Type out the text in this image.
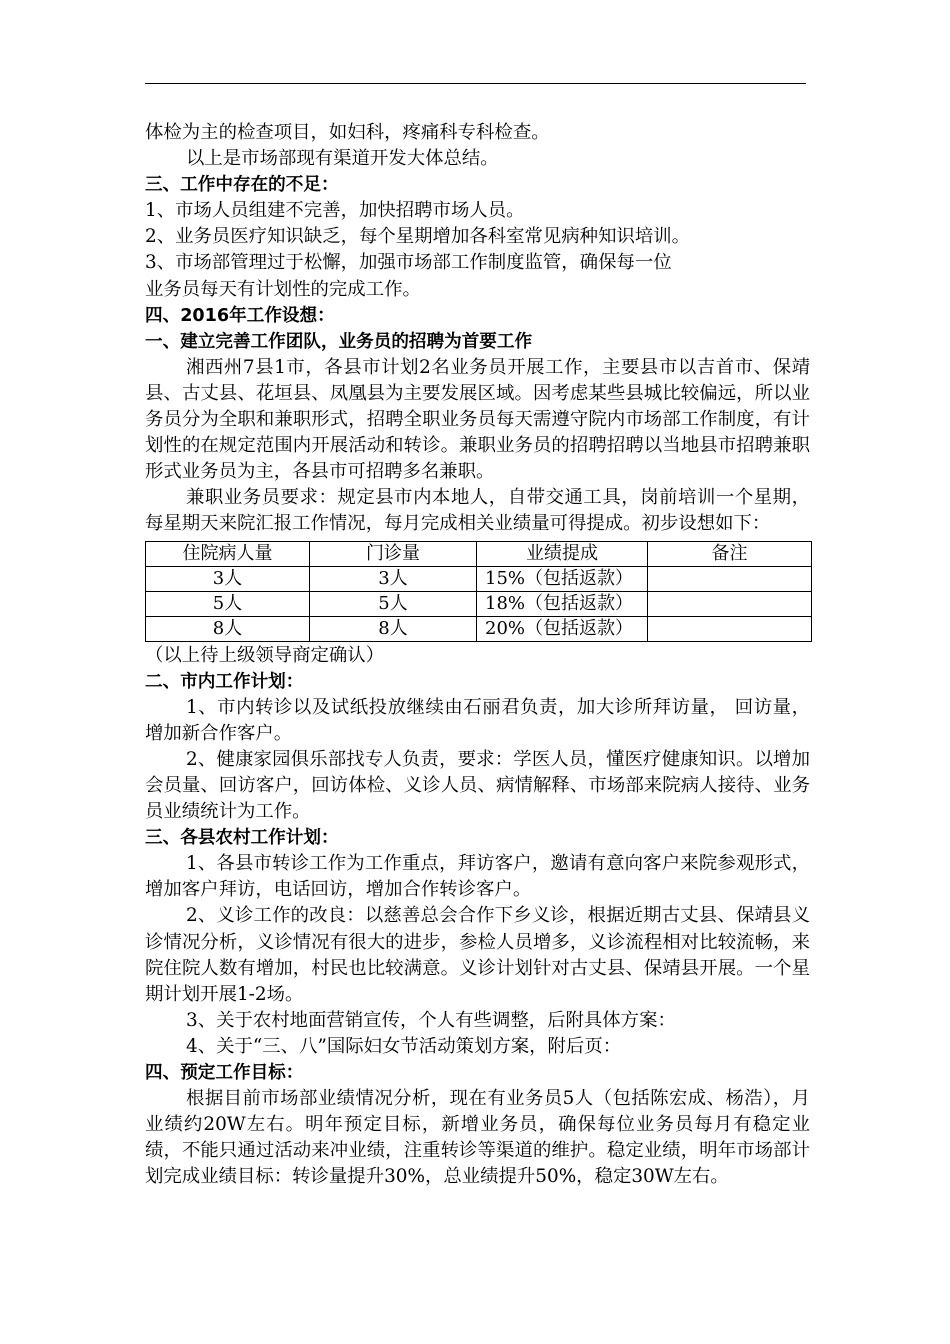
体检为主的检查项目，如妇科，疼痛科专科检查。

以上是市场部现有渠道开发大体总结。

三、工作中存在的不足：

1、市场人员组建不完善，加快招聘市场人员。

2、业务员医疗知识缺乏，每个星期增加各科室常见病种知识培训。

3、市场部管理过于松懈，加强市场部工作制度监管，确保每一位

业务员每天有计划性的完成工作。

四、2016年工作设想：

一、建立完善工作团队，业务员的招聘为首要工作

湘西州7县1市，各县市计划2名业务员开展工作，主要县市以吉首市、保靖县、古丈县、花垣县、凤凰县为主要发展区域。因考虑某些县城比较偏远，所以业务员分为全职和兼职形式，招聘全职业务员每天需遵守院内市场部工作制度，有计划性的在规定范围内开展活动和转诊。兼职业务员的招聘招聘以当地县市招聘兼职形式业务员为主，各县市可招聘多名兼职。

兼职业务员要求：规定县市内本地人，自带交通工具，岗前培训一个星期，每星期天来院汇报工作情况，每月完成相关业绩量可得提成。初步设想如下：

住院病人量	门诊量	业绩提成	备注
3人	3人	15%（包括返款）	
5人	5人	18%（包括返款）	
8人	8人	20%（包括返款）	

（以上待上级领导商定确认）

二、市内工作计划：

1、市内转诊以及试纸投放继续由石丽君负责，加大诊所拜访量， 回访量，增加新合作客户。

2、健康家园俱乐部找专人负责，要求：学医人员，懂医疗健康知识。以增加会员量、回访客户，回访体检、义诊人员、病情解释、市场部来院病人接待、业务员业绩统计为工作。

三、各县农村工作计划：

1、各县市转诊工作为工作重点，拜访客户，邀请有意向客户来院参观形式，增加客户拜访，电话回访，增加合作转诊客户。

2、义诊工作的改良：以慈善总会合作下乡义诊，根据近期古丈县、保靖县义诊情况分析，义诊情况有很大的进步，参检人员增多，义诊流程相对比较流畅，来院住院人数有增加，村民也比较满意。义诊计划针对古丈县、保靖县开展。一个星期计划开展1-2场。

3、关于农村地面营销宣传，个人有些调整，后附具体方案：

4、关于“三、八”国际妇女节活动策划方案，附后页：

四、预定工作目标：

根据目前市场部业绩情况分析，现在有业务员5人（包括陈宏成、杨浩），月业绩约20W左右。明年预定目标，新增业务员，确保每位业务员每月有稳定业绩，不能只通过活动来冲业绩，注重转诊等渠道的维护。稳定业绩，明年市场部计划完成业绩目标：转诊量提升30%，总业绩提升50%，稳定30W左右。
